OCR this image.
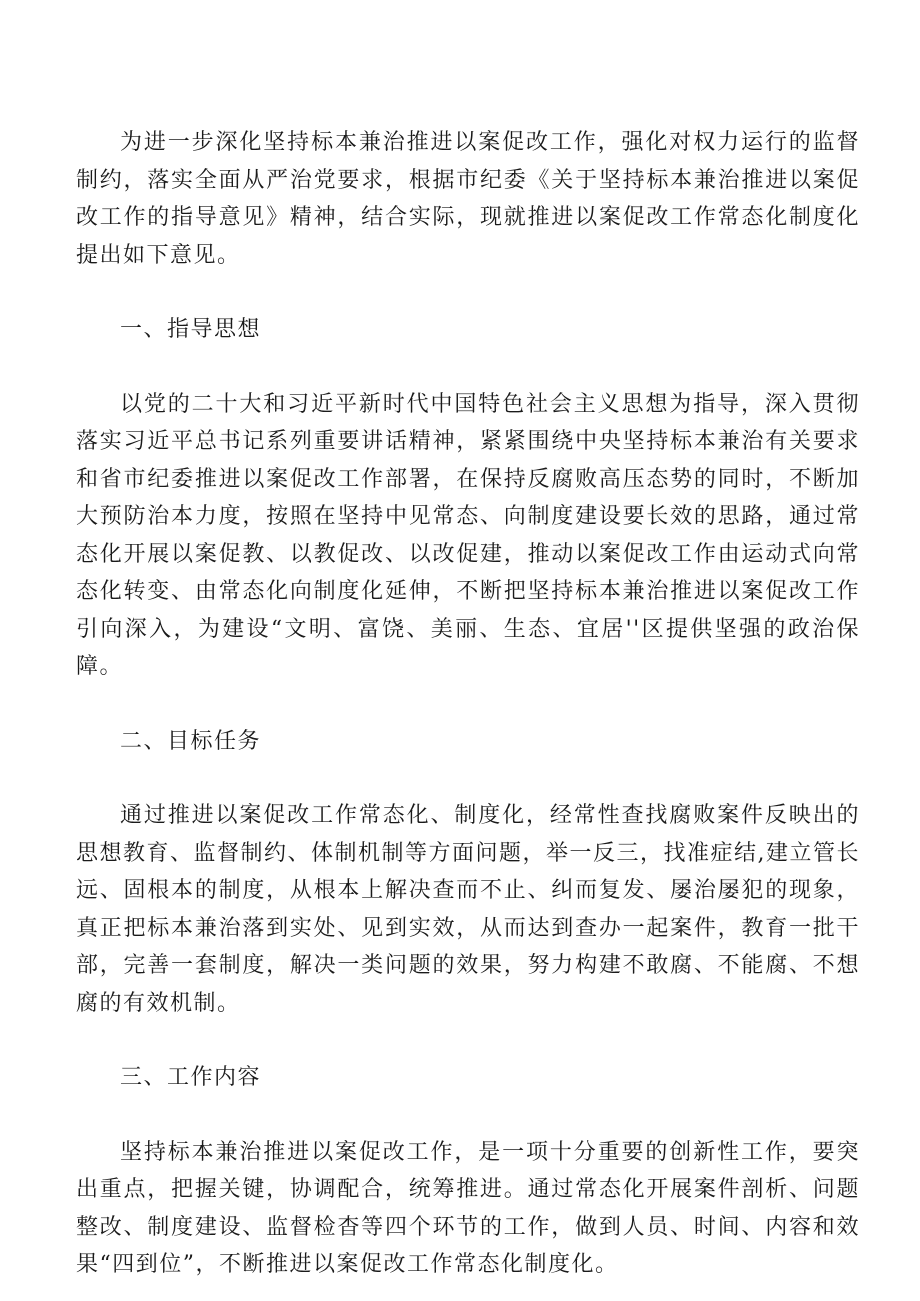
为进一步深化坚持标本兼治推进以案促改工作，强化对权力运行的监督制约，落实全面从严治党要求，根据市纪委《关于坚持标本兼治推进以案促改工作的指导意见》精神，结合实际，现就推进以案促改工作常态化制度化提出如下意见。

一、指导思想

以党的二十大和习近平新时代中国特色社会主义思想为指导，深入贯彻落实习近平总书记系列重要讲话精神，紧紧围绕中央坚持标本兼治有关要求和省市纪委推进以案促改工作部署，在保持反腐败高压态势的同时，不断加大预防治本力度，按照在坚持中见常态、向制度建设要长效的思路，通过常态化开展以案促教、以教促改、以改促建，推动以案促改工作由运动式向常态化转变、由常态化向制度化延伸，不断把坚持标本兼治推进以案促改工作引向深入，为建设“文明、富饶、美丽、生态、宜居''区提供坚强的政治保障。

二、目标任务

通过推进以案促改工作常态化、制度化，经常性查找腐败案件反映出的思想教育、监督制约、体制机制等方面问题，举一反三，找准症结,建立管长远、固根本的制度，从根本上解决查而不止、纠而复发、屡治屡犯的现象，真正把标本兼治落到实处、见到实效，从而达到查办一起案件，教育一批干部，完善一套制度，解决一类问题的效果，努力构建不敢腐、不能腐、不想腐的有效机制。

三、工作内容

坚持标本兼治推进以案促改工作，是一项十分重要的创新性工作，要突出重点，把握关键，协调配合，统筹推进。通过常态化开展案件剖析、问题整改、制度建设、监督检杳等四个环节的工作，做到人员、时间、内容和效果“四到位”，不断推进以案促改工作常态化制度化。
